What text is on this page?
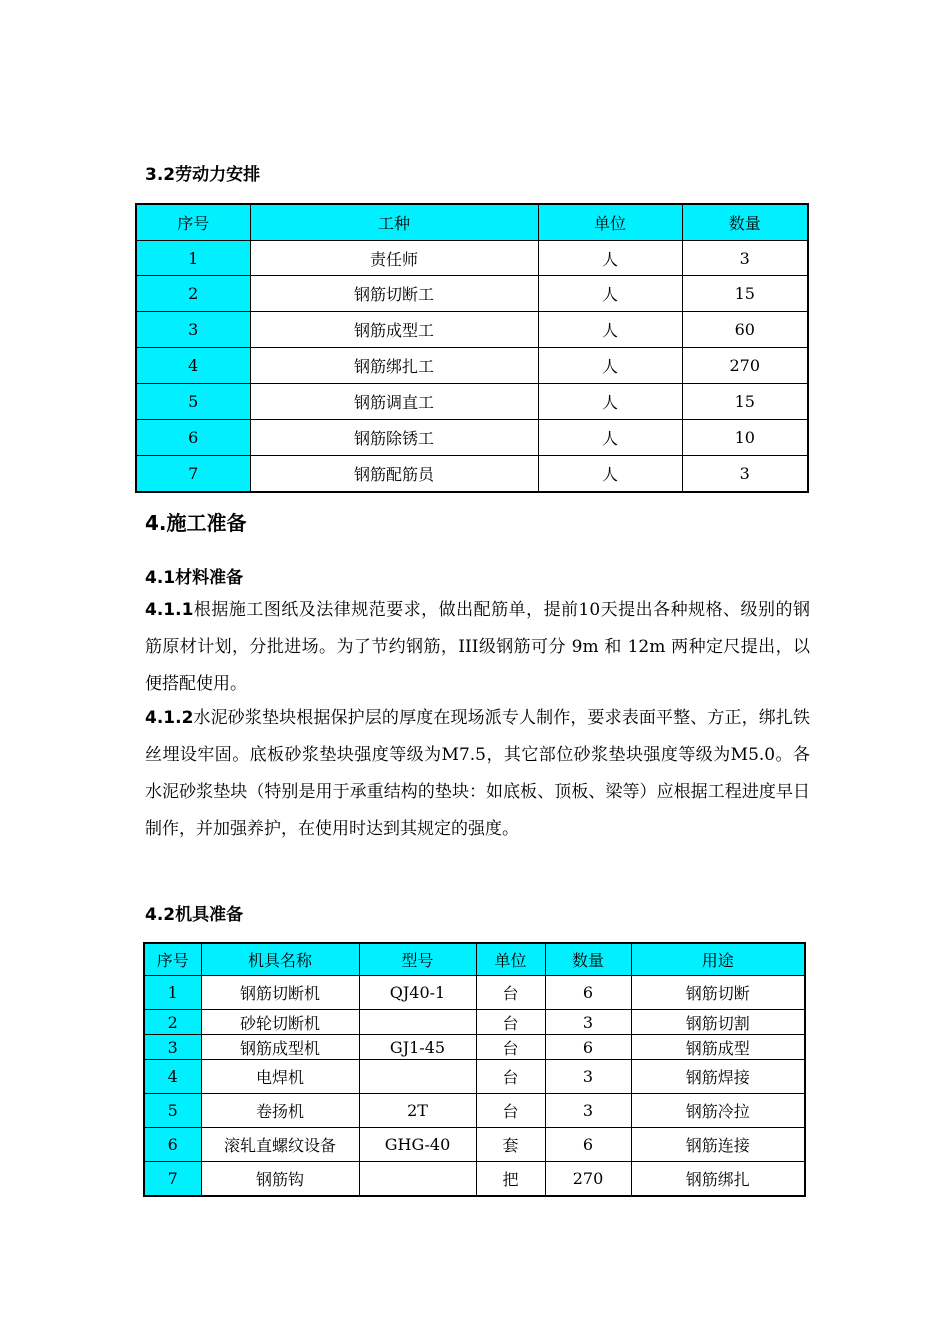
3.2劳动力安排
序号	工种	单位	数量
1	责任师	人	3
2	钢筋切断工	人	15
3	钢筋成型工	人	60
4	钢筋绑扎工	人	270
5	钢筋调直工	人	15
6	钢筋除锈工	人	10
7	钢筋配筋员	人	3
4.施工准备
4.1材料准备
4.1.1根据施工图纸及法律规范要求，做出配筋单，提前10天提出各种规格、级别的钢筋原材计划，分批进场。为了节约钢筋，III级钢筋可分 9m 和 12m 两种定尺提出，以便搭配使用。
4.1.2水泥砂浆垫块根据保护层的厚度在现场派专人制作，要求表面平整、方正，绑扎铁丝埋设牢固。底板砂浆垫块强度等级为M7.5，其它部位砂浆垫块强度等级为M5.0。各水泥砂浆垫块（特别是用于承重结构的垫块：如底板、顶板、梁等）应根据工程进度早日制作，并加强养护，在使用时达到其规定的强度。
4.2机具准备
序号	机具名称	型号	单位	数量	用途
1	钢筋切断机	QJ40-1	台	6	钢筋切断
2	砂轮切断机		台	3	钢筋切割
3	钢筋成型机	GJ1-45	台	6	钢筋成型
4	电焊机		台	3	钢筋焊接
5	卷扬机	2T	台	3	钢筋冷拉
6	滚轧直螺纹设备	GHG-40	套	6	钢筋连接
7	钢筋钩		把	270	钢筋绑扎
